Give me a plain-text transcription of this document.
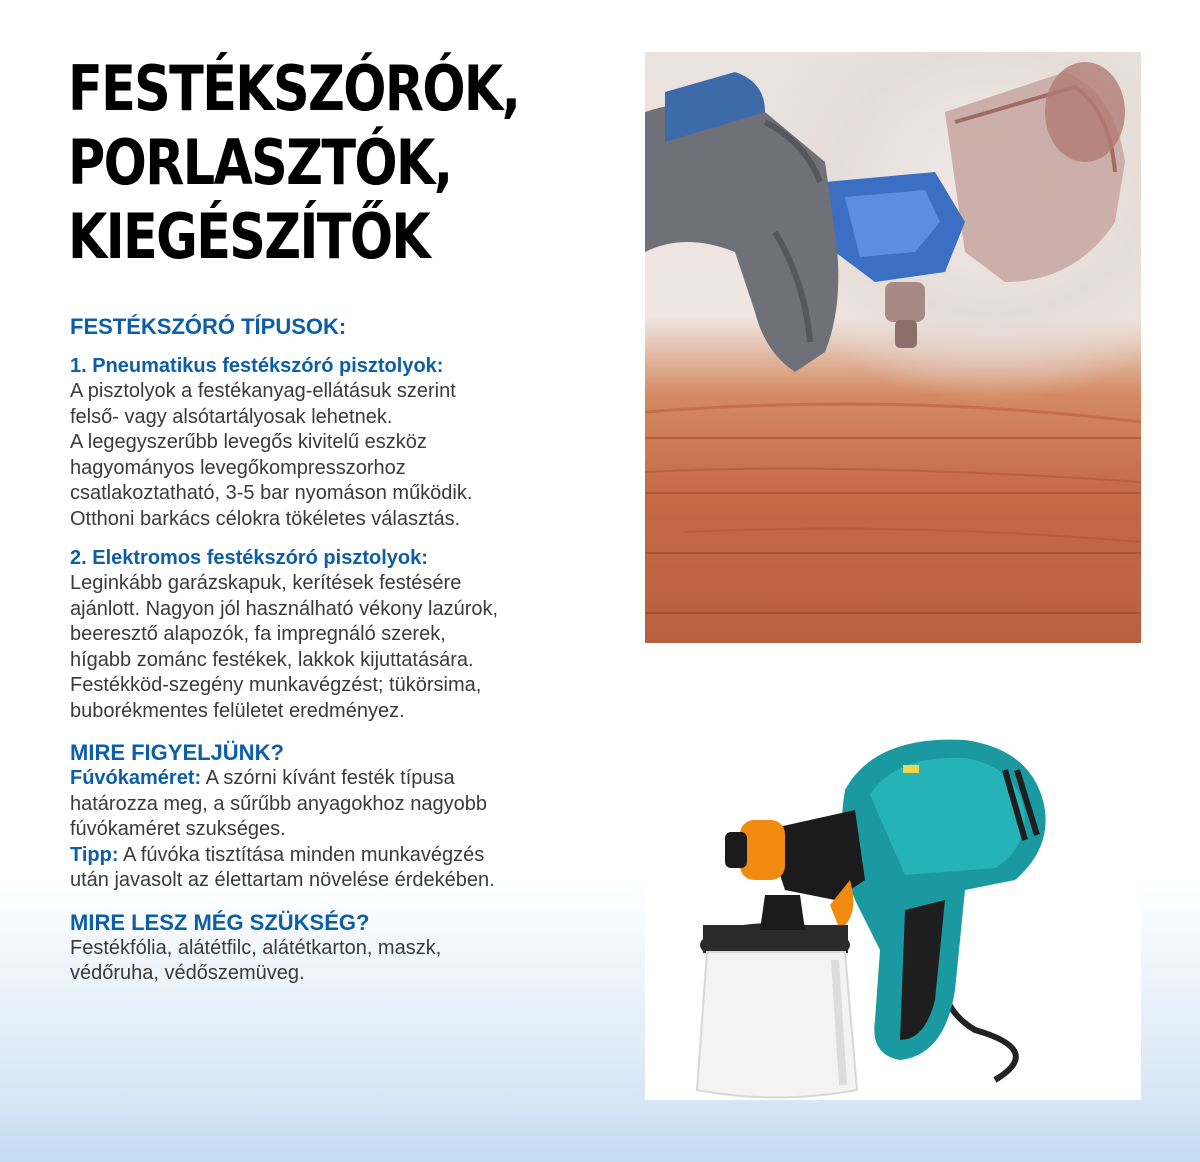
FESTÉKSZÓRÓK,
PORLASZTÓK,
KIEGÉSZÍTŐK

FESTÉKSZÓRÓ TÍPUSOK:

1. Pneumatikus festékszóró pisztolyok:

A pisztolyok a festékanyag-ellátásuk szerint

felső- vagy alsótartályosak lehetnek.

A legegyszerűbb levegős kivitelű eszköz

hagyományos levegőkompresszorhoz

csatlakoztatható, 3-5 bar nyomáson működik.

Otthoni barkács célokra tökéletes választás.

2. Elektromos festékszóró pisztolyok:

Leginkább garázskapuk, kerítések festésére

ajánlott. Nagyon jól használható vékony lazúrok,

beeresztő alapozók, fa impregnáló szerek,

hígabb zománc festékek, lakkok kijuttatására.

Festékköd-szegény munkavégzést; tükörsima,

buborékmentes felületet eredményez.

MIRE FIGYELJÜNK?

Fúvókaméret: A szórni kívánt festék típusa

határozza meg, a sűrűbb anyagokhoz nagyobb

fúvókaméret szukséges.

Tipp: A fúvóka tisztítása minden munkavégzés

után javasolt az élettartam növelése érdekében.

MIRE LESZ MÉG SZÜKSÉG?

Festékfólia, alátétfilc, alátétkarton, maszk,

védőruha, védőszemüveg.
